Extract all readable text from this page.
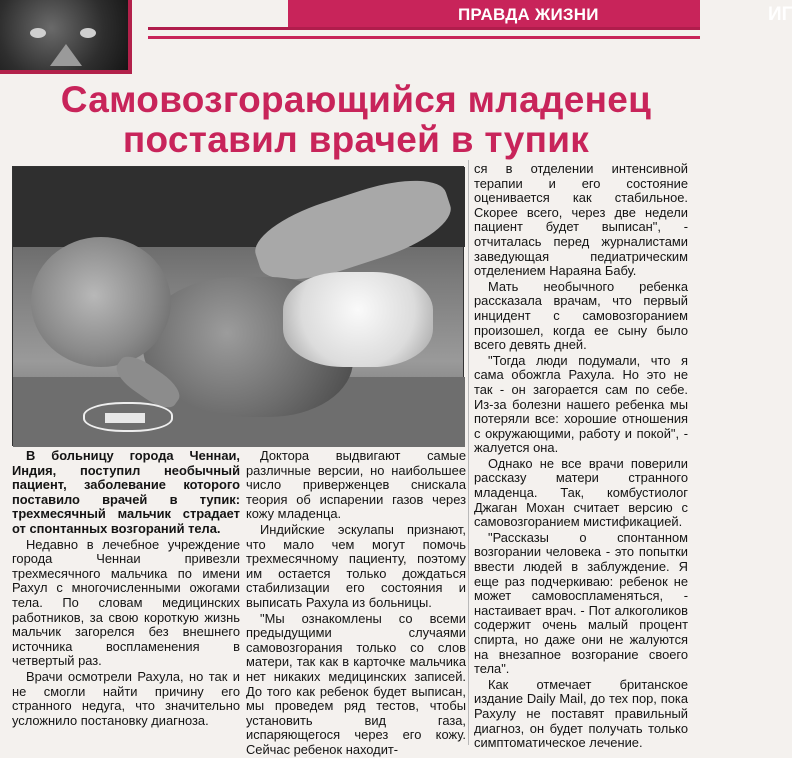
ПРАВДА ЖИЗНИ	ИГ
Самовозгорающийся младенец поставил врачей в тупик

В больницу города Ченнаи, Индия, поступил необычный пациент, заболевание которого поставило врачей в тупик: трехмесячный мальчик страдает от спонтанных возгораний тела.

Недавно в лечебное учреждение города Ченнаи привезли трехмесячного мальчика по имени Рахул с многочисленными ожогами тела. По словам медицинских работников, за свою короткую жизнь мальчик загорелся без внешнего источника воспламенения в четвертый раз.

Врачи осмотрели Рахула, но так и не смогли найти причину его странного недуга, что значительно усложнило постановку диагноза.

Доктора выдвигают самые различные версии, но наибольшее число приверженцев снискала теория об испарении газов через кожу младенца.

Индийские эскулапы признают, что мало чем могут помочь трехмесячному пациенту, поэтому им остается только дождаться стабилизации его состояния и выписать Рахула из больницы.

"Мы ознакомлены со всеми предыдущими случаями самовозгорания только со слов матери, так как в карточке мальчика нет никаких медицинских записей. До того как ребенок будет выписан, мы проведем ряд тестов, чтобы установить вид газа, испаряющегося через его кожу. Сейчас ребенок находит-

ся в отделении интенсивной терапии и его состояние оценивается как стабильное. Скорее всего, через две недели пациент будет выписан", - отчиталась перед журналистами заведующая педиатрическим отделением Нараяна Бабу.

Мать необычного ребенка рассказала врачам, что первый инцидент с самовозгоранием произошел, когда ее сыну было всего девять дней.

"Тогда люди подумали, что я сама обожгла Рахула. Но это не так - он загорается сам по себе. Из-за болезни нашего ребенка мы потеряли все: хорошие отношения с окружающими, работу и покой", - жалуется она.

Однако не все врачи поверили рассказу матери странного младенца. Так, комбустиолог Джаган Мохан считает версию с самовозгоранием мистификацией.

"Рассказы о спонтанном возгорании человека - это попытки ввести людей в заблуждение. Я еще раз подчеркиваю: ребенок не может самовоспламеняться, - настаивает врач. - Пот алкоголиков содержит очень малый процент спирта, но даже они не жалуются на внезапное возгорание своего тела".

Как отмечает британское издание Daily Mail, до тех пор, пока Рахулу не поставят правильный диагноз, он будет получать только симптоматическое лечение.
